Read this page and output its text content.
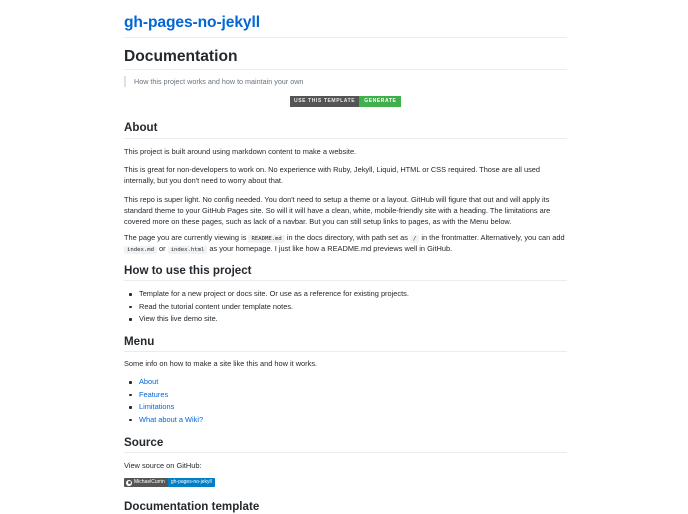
gh-pages-no-jekyll
Documentation
How this project works and how to maintain your own
USE THIS TEMPLATE	GENERATE
About

This project is built around using markdown content to make a website.

This is great for non-developers to work on. No experience with Ruby, Jekyll, Liquid, HTML or CSS required. Those are all used internally, but you don't need to worry about that.

This repo is super light. No config needed. You don't need to setup a theme or a layout. GitHub will figure that out and will apply its standard theme to your GitHub Pages site. So will it will have a clean, white, mobile-friendly site with a heading. The limitations are covered more on these pages, such as lack of a navbar. But you can still setup links to pages, as with the Menu below.

The page you are currently viewing is README.md in the docs directory, with path set as / in the frontmatter. Alternatively, you can add index.md or index.html as your homepage. I just like how a README.md previews well in GitHub.

How to use this project
Template for a new project or docs site. Or use as a reference for existing projects.
Read the tutorial content under template notes.
View this live demo site.
Menu

Some info on how to make a site like this and how it works.

About
Features
Limitations
What about a Wiki?
Source

View source on GitHub:

MichaelCurrin	gh-pages-no-jekyll
Documentation template
